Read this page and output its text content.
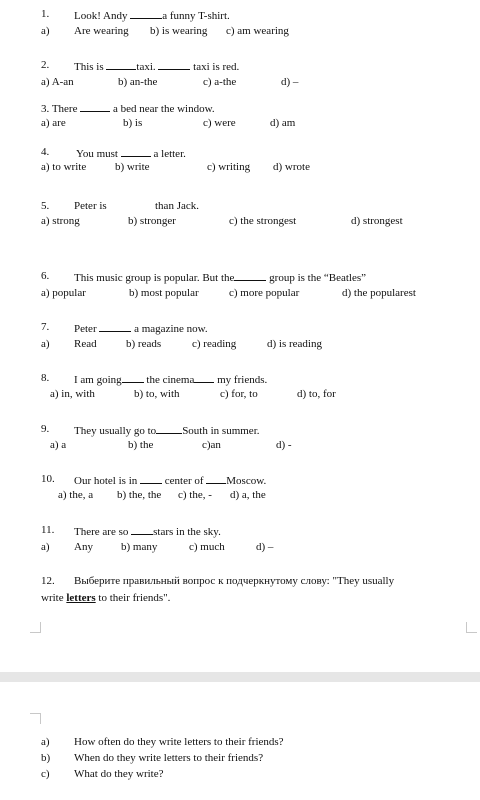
1. Look! Andy	a funny T-shirt.
a) Are wearing b) is wearing c) am wearing
2. This is	taxi.	taxi is red.
a) A-an	b) an-the	c) a-the	d) –
3. There	a bed near the window.
a) are	b) is	c) were	d) am
4. You must	a letter.
a) to write	b) write	c) writing d) wrote
5. Peter is	than Jack.
a) strong	b) stronger	c) the strongest	d) strongest
6. This music group is popular. But the	group is the “Beatles”
a) popular	b) most popular	c) more popular	d) the popularest
7. Peter	a magazine now.
a) Read	b) reads	c) reading	d) is reading
8. I am going the cinema my friends.
a) in, with	b) to, with	c) for, to	d) to, for
9. They usually go to South in summer.
a) a	b) the	c)an	d) -
10. Our hotel is in	center of Moscow.
a) the, a b) the, the c) the, - d) a, the
11. There are so stars in the sky.
a) Any	b) many	c) much	d) –
12. Выберите правильный вопрос к подчеркнутому слову: "They usually
write letters to their friends".
a) How often do they write letters to their friends?
b) When do they write letters to their friends?
c) What do they write?
